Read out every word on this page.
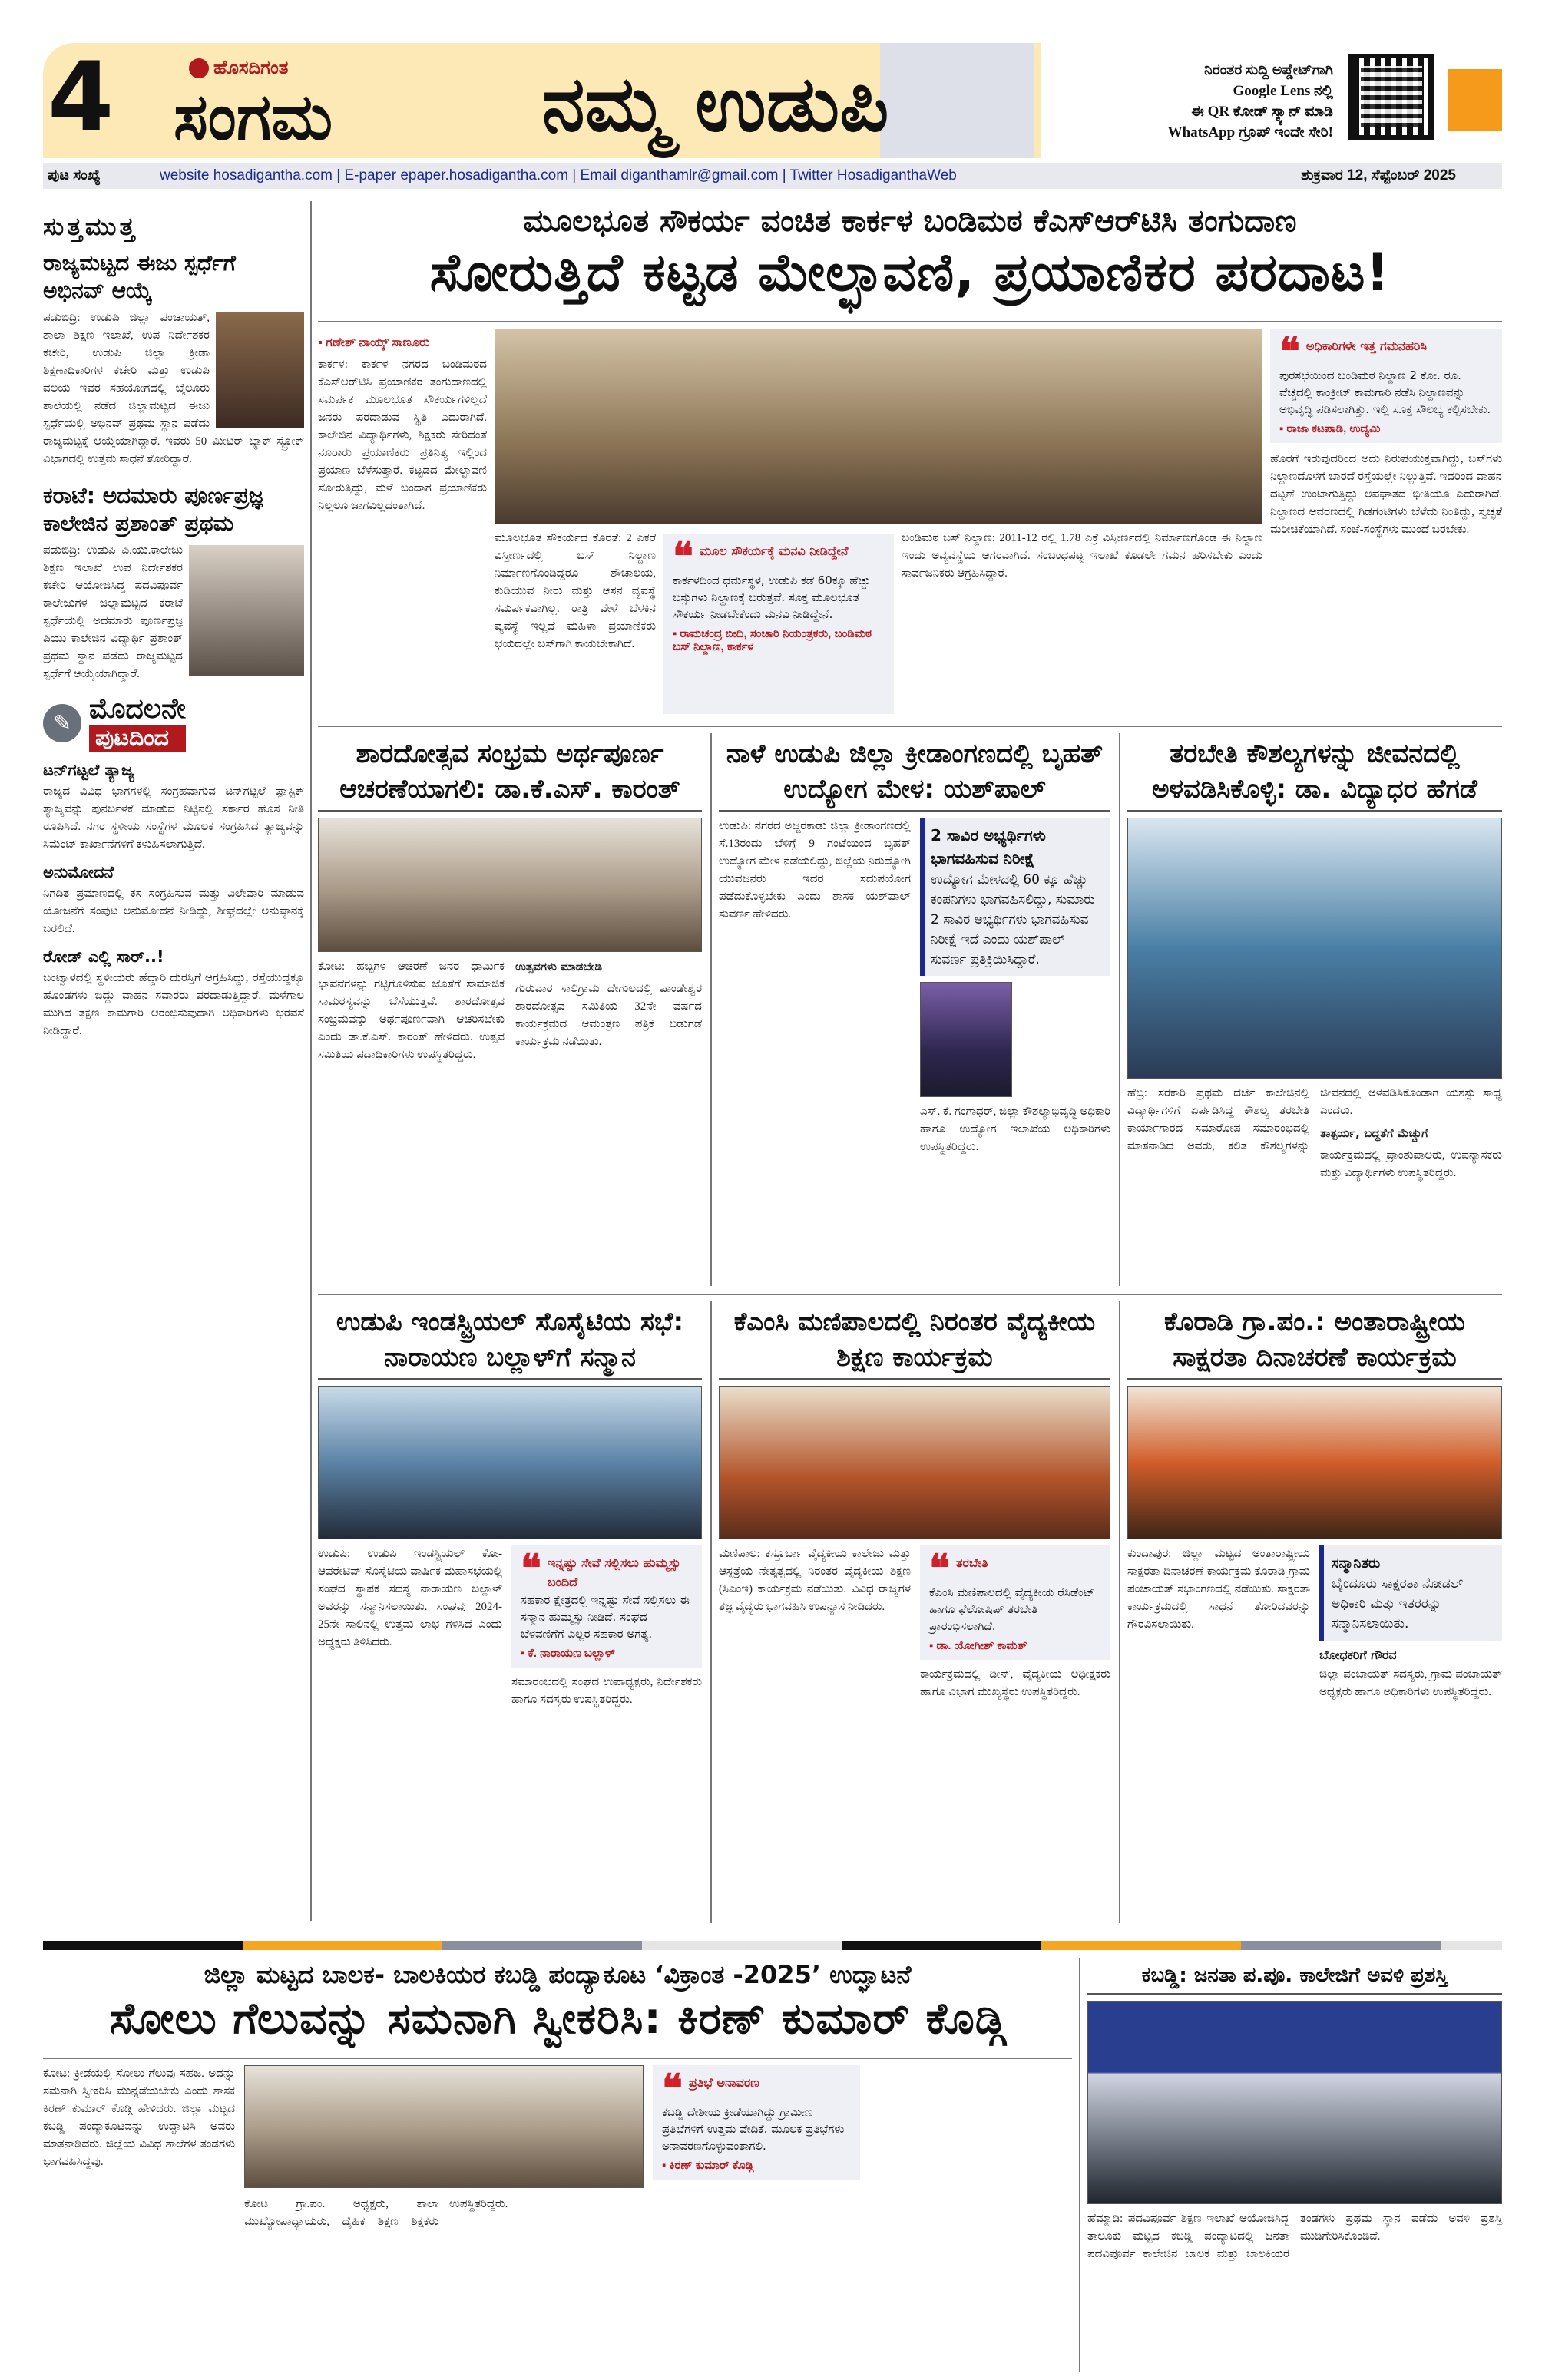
4	ಹೊಸದಿಗಂತ
ಸಂಗಮ	ನಮ್ಮ ಉಡುಪಿ	ನಿರಂತರ ಸುದ್ದಿ ಅಪ್ಡೇಟ್‌ಗಾಗಿ
Google Lens ನಲ್ಲಿ
ಈ QR ಕೋಡ್ ಸ್ಕ್ಯಾನ್ ಮಾಡಿ
WhatsApp ಗ್ರೂಪ್ ಇಂದೇ ಸೇರಿ!
ಪುಟ ಸಂಖ್ಯೆ	website hosadigantha.com | E-paper epaper.hosadigantha.com | Email diganthamlr@gmail.com | Twitter HosadiganthaWeb	ಶುಕ್ರವಾರ 12, ಸೆಪ್ಟೆಂಬರ್ 2025
ಸುತ್ತಮುತ್ತ
ರಾಜ್ಯಮಟ್ಟದ ಈಜು ಸ್ಪರ್ಧೆಗೆ ಅಭಿನವ್ ಆಯ್ಕೆ
ಪಡುಬಿದ್ರಿ: ಉಡುಪಿ ಜಿಲ್ಲಾ ಪಂಚಾಯತ್, ಶಾಲಾ ಶಿಕ್ಷಣ ಇಲಾಖೆ, ಉಪ ನಿರ್ದೇಶಕರ ಕಚೇರಿ, ಉಡುಪಿ ಜಿಲ್ಲಾ ಕ್ರೀಡಾ ಶಿಕ್ಷಣಾಧಿಕಾರಿಗಳ ಕಚೇರಿ ಮತ್ತು ಉಡುಪಿ ವಲಯ ಇವರ ಸಹಯೋಗದಲ್ಲಿ ಬೈಲೂರು ಶಾಲೆಯಲ್ಲಿ ನಡೆದ ಜಿಲ್ಲಾಮಟ್ಟದ ಈಜು ಸ್ಪರ್ಧೆಯಲ್ಲಿ ಅಭಿನವ್ ಪ್ರಥಮ ಸ್ಥಾನ ಪಡೆದು ರಾಜ್ಯಮಟ್ಟಕ್ಕೆ ಆಯ್ಕೆಯಾಗಿದ್ದಾರೆ. ಇವರು 50 ಮೀಟರ್ ಬ್ಯಾಕ್ ಸ್ಟ್ರೋಕ್ ವಿಭಾಗದಲ್ಲಿ ಉತ್ತಮ ಸಾಧನೆ ತೋರಿದ್ದಾರೆ.
ಕರಾಟೆ: ಅದಮಾರು ಪೂರ್ಣಪ್ರಜ್ಞ ಕಾಲೇಜಿನ ಪ್ರಶಾಂತ್ ಪ್ರಥಮ
ಪಡುಬಿದ್ರಿ: ಉಡುಪಿ ಪಿ.ಯು.ಕಾಲೇಜು ಶಿಕ್ಷಣ ಇಲಾಖೆ ಉಪ ನಿರ್ದೇಶಕರ ಕಚೇರಿ ಆಯೋಜಿಸಿದ್ದ ಪದವಿಪೂರ್ವ ಕಾಲೇಜುಗಳ ಜಿಲ್ಲಾಮಟ್ಟದ ಕರಾಟೆ ಸ್ಪರ್ಧೆಯಲ್ಲಿ ಅದಮಾರು ಪೂರ್ಣಪ್ರಜ್ಞ ಪಿಯು ಕಾಲೇಜಿನ ವಿದ್ಯಾರ್ಥಿ ಪ್ರಶಾಂತ್ ಪ್ರಥಮ ಸ್ಥಾನ ಪಡೆದು ರಾಜ್ಯಮಟ್ಟದ ಸ್ಪರ್ಧೆಗೆ ಆಯ್ಕೆಯಾಗಿದ್ದಾರೆ.
✎ ಮೊದಲನೇ
ಪುಟದಿಂದ
ಟನ್‌ಗಟ್ಟಲೆ ತ್ಯಾಜ್ಯ
ರಾಜ್ಯದ ವಿವಿಧ ಭಾಗಗಳಲ್ಲಿ ಸಂಗ್ರಹವಾಗುವ ಟನ್‌ಗಟ್ಟಲೆ ಪ್ಲಾಸ್ಟಿಕ್ ತ್ಯಾಜ್ಯವನ್ನು ಪುನರ್ಬಳಕೆ ಮಾಡುವ ನಿಟ್ಟಿನಲ್ಲಿ ಸರ್ಕಾರ ಹೊಸ ನೀತಿ ರೂಪಿಸಿದೆ. ನಗರ ಸ್ಥಳೀಯ ಸಂಸ್ಥೆಗಳ ಮೂಲಕ ಸಂಗ್ರಹಿಸಿದ ತ್ಯಾಜ್ಯವನ್ನು ಸಿಮೆಂಟ್ ಕಾರ್ಖಾನೆಗಳಿಗೆ ಕಳುಹಿಸಲಾಗುತ್ತಿದೆ.
ಅನುಮೋದನೆ
ನಿಗದಿತ ಪ್ರಮಾಣದಲ್ಲಿ ಕಸ ಸಂಗ್ರಹಿಸುವ ಮತ್ತು ವಿಲೇವಾರಿ ಮಾಡುವ ಯೋಜನೆಗೆ ಸಂಪುಟ ಅನುಮೋದನೆ ನೀಡಿದ್ದು, ಶೀಘ್ರದಲ್ಲೇ ಅನುಷ್ಠಾನಕ್ಕೆ ಬರಲಿದೆ.
ರೋಡ್ ಎಲ್ಲಿ ಸಾರ್..!
ಬಂಟ್ವಾಳದಲ್ಲಿ ಸ್ಥಳೀಯರು ಹೆದ್ದಾರಿ ದುರಸ್ತಿಗೆ ಆಗ್ರಹಿಸಿದ್ದು, ರಸ್ತೆಯುದ್ದಕ್ಕೂ ಹೊಂಡಗಳು ಬಿದ್ದು ವಾಹನ ಸವಾರರು ಪರದಾಡುತ್ತಿದ್ದಾರೆ. ಮಳೆಗಾಲ ಮುಗಿದ ತಕ್ಷಣ ಕಾಮಗಾರಿ ಆರಂಭಿಸುವುದಾಗಿ ಅಧಿಕಾರಿಗಳು ಭರವಸೆ ನೀಡಿದ್ದಾರೆ.
ಮೂಲಭೂತ ಸೌಕರ್ಯ ವಂಚಿತ ಕಾರ್ಕಳ ಬಂಡಿಮಠ ಕೆಎಸ್‌ಆರ್‌ಟಿಸಿ ತಂಗುದಾಣ
ಸೋರುತ್ತಿದೆ ಕಟ್ಟಡ ಮೇಲ್ಛಾವಣಿ, ಪ್ರಯಾಣಿಕರ ಪರದಾಟ!
▪ ಗಣೇಶ್ ನಾಯ್ಕ್ ಸಾಣೂರು
ಕಾರ್ಕಳ: ಕಾರ್ಕಳ ನಗರದ ಬಂಡಿಮಠದ ಕೆಎಸ್‌ಆರ್‌ಟಿಸಿ ಪ್ರಯಾಣಿಕರ ತಂಗುದಾಣದಲ್ಲಿ ಸಮರ್ಪಕ ಮೂಲಭೂತ ಸೌಕರ್ಯಗಳಿಲ್ಲದೆ ಜನರು ಪರದಾಡುವ ಸ್ಥಿತಿ ಎದುರಾಗಿದೆ. ಕಾಲೇಜಿನ ವಿದ್ಯಾರ್ಥಿಗಳು, ಶಿಕ್ಷಕರು ಸೇರಿದಂತೆ ನೂರಾರು ಪ್ರಯಾಣಿಕರು ಪ್ರತಿನಿತ್ಯ ಇಲ್ಲಿಂದ ಪ್ರಯಾಣ ಬೆಳೆಸುತ್ತಾರೆ. ಕಟ್ಟಡದ ಮೇಲ್ಛಾವಣಿ ಸೋರುತ್ತಿದ್ದು, ಮಳೆ ಬಂದಾಗ ಪ್ರಯಾಣಿಕರು ನಿಲ್ಲಲೂ ಜಾಗವಿಲ್ಲದಂತಾಗಿದೆ.
ಮೂಲಭೂತ ಸೌಕರ್ಯದ ಕೊರತೆ: 2 ಎಕರೆ ವಿಸ್ತೀರ್ಣದಲ್ಲಿ ಬಸ್ ನಿಲ್ದಾಣ ನಿರ್ಮಾಣಗೊಂಡಿದ್ದರೂ ಶೌಚಾಲಯ, ಕುಡಿಯುವ ನೀರು ಮತ್ತು ಆಸನ ವ್ಯವಸ್ಥೆ ಸಮರ್ಪಕವಾಗಿಲ್ಲ. ರಾತ್ರಿ ವೇಳೆ ಬೆಳಕಿನ ವ್ಯವಸ್ಥೆ ಇಲ್ಲದೆ ಮಹಿಳಾ ಪ್ರಯಾಣಿಕರು ಭಯದಲ್ಲೇ ಬಸ್‌ಗಾಗಿ ಕಾಯಬೇಕಾಗಿದೆ.
❝ ಮೂಲ ಸೌಕರ್ಯಕ್ಕೆ ಮನವಿ ನೀಡಿದ್ದೇನೆ
ಕಾರ್ಕಳದಿಂದ ಧರ್ಮಸ್ಥಳ, ಉಡುಪಿ ಕಡೆ 60ಕ್ಕೂ ಹೆಚ್ಚು ಬಸ್ಸುಗಳು ನಿಲ್ದಾಣಕ್ಕೆ ಬರುತ್ತವೆ. ಸೂಕ್ತ ಮೂಲಭೂತ ಸೌಕರ್ಯ ನೀಡಬೇಕೆಂದು ಮನವಿ ನೀಡಿದ್ದೇನೆ.
▪ ರಾಮಚಂದ್ರ ಬೀದಿ, ಸಂಚಾರಿ ನಿಯಂತ್ರಕರು, ಬಂಡಿಮಠ ಬಸ್ ನಿಲ್ದಾಣ, ಕಾರ್ಕಳ
ಬಂಡಿಮಠ ಬಸ್ ನಿಲ್ದಾಣ: 2011-12 ರಲ್ಲಿ 1.78 ಎಕ್ರೆ ವಿಸ್ತೀರ್ಣದಲ್ಲಿ ನಿರ್ಮಾಣಗೊಂಡ ಈ ನಿಲ್ದಾಣ ಇಂದು ಅವ್ಯವಸ್ಥೆಯ ಆಗರವಾಗಿದೆ. ಸಂಬಂಧಪಟ್ಟ ಇಲಾಖೆ ಕೂಡಲೇ ಗಮನ ಹರಿಸಬೇಕು ಎಂದು ಸಾರ್ವಜನಿಕರು ಆಗ್ರಹಿಸಿದ್ದಾರೆ.
❝ ಅಧಿಕಾರಿಗಳೇ ಇತ್ತ ಗಮನಹರಿಸಿ
ಪುರಸಭೆಯಿಂದ ಬಂಡಿಮಠ ನಿಲ್ದಾಣ 2 ಕೋ. ರೂ. ವೆಚ್ಚದಲ್ಲಿ ಕಾಂಕ್ರೀಟ್ ಕಾಮಗಾರಿ ನಡೆಸಿ ನಿಲ್ದಾಣವನ್ನು ಅಭಿವೃದ್ಧಿ ಪಡಿಸಲಾಗಿತ್ತು. ಇಲ್ಲಿ ಸೂಕ್ತ ಸೌಲಭ್ಯ ಕಲ್ಪಿಸಬೇಕು.
▪ ರಾಜಾ ಕಟಪಾಡಿ, ಉದ್ಯಮಿ
ಹೊರಗೆ ಇರುವುದರಿಂದ ಅದು ನಿರುಪಯುಕ್ತವಾಗಿದ್ದು, ಬಸ್‌ಗಳು ನಿಲ್ದಾಣದೊಳಗೆ ಬಾರದೆ ರಸ್ತೆಯಲ್ಲೇ ನಿಲ್ಲುತ್ತಿವೆ. ಇದರಿಂದ ವಾಹನ ದಟ್ಟಣೆ ಉಂಟಾಗುತ್ತಿದ್ದು ಅಪಘಾತದ ಭೀತಿಯೂ ಎದುರಾಗಿದೆ. ನಿಲ್ದಾಣದ ಆವರಣದಲ್ಲಿ ಗಿಡಗಂಟಿಗಳು ಬೆಳೆದು ನಿಂತಿದ್ದು, ಸ್ವಚ್ಛತೆ ಮರೀಚಿಕೆಯಾಗಿದೆ. ಸಂಜೆ-ಸಂಸ್ಥೆಗಳು ಮುಂದೆ ಬರಬೇಕು.
ಶಾರದೋತ್ಸವ ಸಂಭ್ರಮ ಅರ್ಥಪೂರ್ಣ ಆಚರಣೆಯಾಗಲಿ: ಡಾ.ಕೆ.ಎಸ್. ಕಾರಂತ್
ಕೋಟ: ಹಬ್ಬಗಳ ಆಚರಣೆ ಜನರ ಧಾರ್ಮಿಕ ಭಾವನೆಗಳನ್ನು ಗಟ್ಟಿಗೊಳಿಸುವ ಜೊತೆಗೆ ಸಾಮಾಜಿಕ ಸಾಮರಸ್ಯವನ್ನು ಬೆಸೆಯುತ್ತವೆ. ಶಾರದೋತ್ಸವ ಸಂಭ್ರಮವನ್ನು ಅರ್ಥಪೂರ್ಣವಾಗಿ ಆಚರಿಸಬೇಕು ಎಂದು ಡಾ.ಕೆ.ಎಸ್. ಕಾರಂತ್ ಹೇಳಿದರು. ಉತ್ಸವ ಸಮಿತಿಯ ಪದಾಧಿಕಾರಿಗಳು ಉಪಸ್ಥಿತರಿದ್ದರು.
ಉತ್ಸವಗಳು ಮಾಡಬೇಡಿ
ಗುರುವಾರ ಸಾಲಿಗ್ರಾಮ ದೇಗುಲದಲ್ಲಿ ಪಾಂಡೇಶ್ವರ ಶಾರದೋತ್ಸವ ಸಮಿತಿಯ 32ನೇ ವರ್ಷದ ಕಾರ್ಯಕ್ರಮದ ಆಮಂತ್ರಣ ಪತ್ರಿಕೆ ಬಿಡುಗಡೆ ಕಾರ್ಯಕ್ರಮ ನಡೆಯಿತು.
ನಾಳೆ ಉಡುಪಿ ಜಿಲ್ಲಾ ಕ್ರೀಡಾಂಗಣದಲ್ಲಿ ಬೃಹತ್ ಉದ್ಯೋಗ ಮೇಳ: ಯಶ್‌ಪಾಲ್
ಉಡುಪಿ: ನಗರದ ಅಜ್ಜರಕಾಡು ಜಿಲ್ಲಾ ಕ್ರೀಡಾಂಗಣದಲ್ಲಿ ಸೆ.13ರಂದು ಬೆಳಿಗ್ಗೆ 9 ಗಂಟೆಯಿಂದ ಬೃಹತ್ ಉದ್ಯೋಗ ಮೇಳ ನಡೆಯಲಿದ್ದು, ಜಿಲ್ಲೆಯ ನಿರುದ್ಯೋಗಿ ಯುವಜನರು ಇದರ ಸದುಪಯೋಗ ಪಡೆದುಕೊಳ್ಳಬೇಕು ಎಂದು ಶಾಸಕ ಯಶ್‌ಪಾಲ್ ಸುವರ್ಣ ಹೇಳಿದರು.
2 ಸಾವಿರ ಅಭ್ಯರ್ಥಿಗಳು ಭಾಗವಹಿಸುವ ನಿರೀಕ್ಷೆ
ಉದ್ಯೋಗ ಮೇಳದಲ್ಲಿ 60 ಕ್ಕೂ ಹೆಚ್ಚು ಕಂಪನಿಗಳು ಭಾಗವಹಿಸಲಿದ್ದು, ಸುಮಾರು 2 ಸಾವಿರ ಅಭ್ಯರ್ಥಿಗಳು ಭಾಗವಹಿಸುವ ನಿರೀಕ್ಷೆ ಇದೆ ಎಂದು ಯಶ್‌ಪಾಲ್ ಸುವರ್ಣ ಪ್ರತಿಕ್ರಿಯಿಸಿದ್ದಾರೆ.
ಎಸ್. ಕೆ. ಗಂಗಾಧರ್, ಜಿಲ್ಲಾ ಕೌಶಲ್ಯಾಭಿವೃದ್ಧಿ ಅಧಿಕಾರಿ ಹಾಗೂ ಉದ್ಯೋಗ ಇಲಾಖೆಯ ಅಧಿಕಾರಿಗಳು ಉಪಸ್ಥಿತರಿದ್ದರು.
ತರಬೇತಿ ಕೌಶಲ್ಯಗಳನ್ನು ಜೀವನದಲ್ಲಿ ಅಳವಡಿಸಿಕೊಳ್ಳಿ: ಡಾ. ವಿದ್ಯಾಧರ ಹೆಗಡೆ
ಹೆಬ್ರಿ: ಸರಕಾರಿ ಪ್ರಥಮ ದರ್ಜೆ ಕಾಲೇಜಿನಲ್ಲಿ ವಿದ್ಯಾರ್ಥಿಗಳಿಗೆ ಏರ್ಪಡಿಸಿದ್ದ ಕೌಶಲ್ಯ ತರಬೇತಿ ಕಾರ್ಯಾಗಾರದ ಸಮಾರೋಪ ಸಮಾರಂಭದಲ್ಲಿ ಮಾತನಾಡಿದ ಅವರು, ಕಲಿತ ಕೌಶಲ್ಯಗಳನ್ನು ಜೀವನದಲ್ಲಿ ಅಳವಡಿಸಿಕೊಂಡಾಗ ಯಶಸ್ಸು ಸಾಧ್ಯ ಎಂದರು.
ತಾತ್ಪರ್ಯ, ಬದ್ಧತೆಗೆ ಮೆಚ್ಚುಗೆ
ಕಾರ್ಯಕ್ರಮದಲ್ಲಿ ಪ್ರಾಂಶುಪಾಲರು, ಉಪನ್ಯಾಸಕರು ಮತ್ತು ವಿದ್ಯಾರ್ಥಿಗಳು ಉಪಸ್ಥಿತರಿದ್ದರು.
ಉಡುಪಿ ಇಂಡಸ್ಟ್ರಿಯಲ್ ಸೊಸೈಟಿಯ ಸಭೆ: ನಾರಾಯಣ ಬಲ್ಲಾಳ್‌ಗೆ ಸನ್ಮಾನ
ಉಡುಪಿ: ಉಡುಪಿ ಇಂಡಸ್ಟ್ರಿಯಲ್ ಕೋ-ಆಪರೇಟಿವ್ ಸೊಸೈಟಿಯ ವಾರ್ಷಿಕ ಮಹಾಸಭೆಯಲ್ಲಿ ಸಂಘದ ಸ್ಥಾಪಕ ಸದಸ್ಯ ನಾರಾಯಣ ಬಲ್ಲಾಳ್ ಅವರನ್ನು ಸನ್ಮಾನಿಸಲಾಯಿತು. ಸಂಘವು 2024-25ನೇ ಸಾಲಿನಲ್ಲಿ ಉತ್ತಮ ಲಾಭ ಗಳಿಸಿದೆ ಎಂದು ಅಧ್ಯಕ್ಷರು ತಿಳಿಸಿದರು.
❝ ಇನ್ನಷ್ಟು ಸೇವೆ ಸಲ್ಲಿಸಲು ಹುಮ್ಮಸ್ಸು ಬಂದಿದೆ
ಸಹಕಾರ ಕ್ಷೇತ್ರದಲ್ಲಿ ಇನ್ನಷ್ಟು ಸೇವೆ ಸಲ್ಲಿಸಲು ಈ ಸನ್ಮಾನ ಹುಮ್ಮಸ್ಸು ನೀಡಿದೆ. ಸಂಘದ ಬೆಳವಣಿಗೆಗೆ ಎಲ್ಲರ ಸಹಕಾರ ಅಗತ್ಯ.
▪ ಕೆ. ನಾರಾಯಣ ಬಲ್ಲಾಳ್
ಸಮಾರಂಭದಲ್ಲಿ ಸಂಘದ ಉಪಾಧ್ಯಕ್ಷರು, ನಿರ್ದೇಶಕರು ಹಾಗೂ ಸದಸ್ಯರು ಉಪಸ್ಥಿತರಿದ್ದರು.
ಕೆಎಂಸಿ ಮಣಿಪಾಲದಲ್ಲಿ ನಿರಂತರ ವೈದ್ಯಕೀಯ ಶಿಕ್ಷಣ ಕಾರ್ಯಕ್ರಮ
ಮಣಿಪಾಲ: ಕಸ್ತೂರ್ಬಾ ವೈದ್ಯಕೀಯ ಕಾಲೇಜು ಮತ್ತು ಆಸ್ಪತ್ರೆಯ ನೇತೃತ್ವದಲ್ಲಿ ನಿರಂತರ ವೈದ್ಯಕೀಯ ಶಿಕ್ಷಣ (ಸಿಎಂಇ) ಕಾರ್ಯಕ್ರಮ ನಡೆಯಿತು. ವಿವಿಧ ರಾಜ್ಯಗಳ ತಜ್ಞ ವೈದ್ಯರು ಭಾಗವಹಿಸಿ ಉಪನ್ಯಾಸ ನೀಡಿದರು.
❝ ತರಬೇತಿ
ಕೆಎಂಸಿ ಮಣಿಪಾಲದಲ್ಲಿ ವೈದ್ಯಕೀಯ ರೆಸಿಡೆಂಟ್ ಹಾಗೂ ಫೆಲೋಷಿಪ್ ತರಬೇತಿ ಪ್ರಾರಂಭಿಸಲಾಗಿದೆ.
▪ ಡಾ. ಯೋಗೀಶ್ ಕಾಮತ್
ಕಾರ್ಯಕ್ರಮದಲ್ಲಿ ಡೀನ್, ವೈದ್ಯಕೀಯ ಅಧೀಕ್ಷಕರು ಹಾಗೂ ವಿಭಾಗ ಮುಖ್ಯಸ್ಥರು ಉಪಸ್ಥಿತರಿದ್ದರು.
ಕೊರಾಡಿ ಗ್ರಾ.ಪಂ.: ಅಂತಾರಾಷ್ಟ್ರೀಯ ಸಾಕ್ಷರತಾ ದಿನಾಚರಣೆ ಕಾರ್ಯಕ್ರಮ
ಕುಂದಾಪುರ: ಜಿಲ್ಲಾ ಮಟ್ಟದ ಅಂತಾರಾಷ್ಟ್ರೀಯ ಸಾಕ್ಷರತಾ ದಿನಾಚರಣೆ ಕಾರ್ಯಕ್ರಮ ಕೊರಾಡಿ ಗ್ರಾಮ ಪಂಚಾಯತ್ ಸಭಾಂಗಣದಲ್ಲಿ ನಡೆಯಿತು. ಸಾಕ್ಷರತಾ ಕಾರ್ಯಕ್ರಮದಲ್ಲಿ ಸಾಧನೆ ತೋರಿದವರನ್ನು ಗೌರವಿಸಲಾಯಿತು.
ಸನ್ಮಾನಿತರು
ಬೈಂದೂರು ಸಾಕ್ಷರತಾ ನೋಡಲ್ ಅಧಿಕಾರಿ ಮತ್ತು ಇತರರನ್ನು ಸನ್ಮಾನಿಸಲಾಯಿತು.
ಬೋಧಕರಿಗೆ ಗೌರವ
ಜಿಲ್ಲಾ ಪಂಚಾಯತ್ ಸದಸ್ಯರು, ಗ್ರಾಮ ಪಂಚಾಯತ್ ಅಧ್ಯಕ್ಷರು ಹಾಗೂ ಅಧಿಕಾರಿಗಳು ಉಪಸ್ಥಿತರಿದ್ದರು.
ಜಿಲ್ಲಾ ಮಟ್ಟದ ಬಾಲಕ- ಬಾಲಕಿಯರ ಕಬಡ್ಡಿ ಪಂದ್ಯಾಕೂಟ ‘ವಿಕ್ರಾಂತ -2025’ ಉದ್ಘಾಟನೆ
ಸೋಲು ಗೆಲುವನ್ನು ಸಮನಾಗಿ ಸ್ವೀಕರಿಸಿ: ಕಿರಣ್ ಕುಮಾರ್ ಕೊಡ್ಗಿ
ಕೋಟ: ಕ್ರೀಡೆಯಲ್ಲಿ ಸೋಲು ಗೆಲುವು ಸಹಜ. ಅದನ್ನು ಸಮನಾಗಿ ಸ್ವೀಕರಿಸಿ ಮುನ್ನಡೆಯಬೇಕು ಎಂದು ಶಾಸಕ ಕಿರಣ್ ಕುಮಾರ್ ಕೊಡ್ಗಿ ಹೇಳಿದರು. ಜಿಲ್ಲಾ ಮಟ್ಟದ ಕಬಡ್ಡಿ ಪಂದ್ಯಾಕೂಟವನ್ನು ಉದ್ಘಾಟಿಸಿ ಅವರು ಮಾತನಾಡಿದರು. ಜಿಲ್ಲೆಯ ವಿವಿಧ ಶಾಲೆಗಳ ತಂಡಗಳು ಭಾಗವಹಿಸಿದ್ದವು.
ಕೋಟ ಗ್ರಾ.ಪಂ. ಅಧ್ಯಕ್ಷರು, ಶಾಲಾ ಮುಖ್ಯೋಪಾಧ್ಯಾಯರು, ದೈಹಿಕ ಶಿಕ್ಷಣ ಶಿಕ್ಷಕರು ಉಪಸ್ಥಿತರಿದ್ದರು.
❝ ಪ್ರತಿಭೆ ಅನಾವರಣ
ಕಬಡ್ಡಿ ದೇಶೀಯ ಕ್ರೀಡೆಯಾಗಿದ್ದು ಗ್ರಾಮೀಣ ಪ್ರತಿಭೆಗಳಿಗೆ ಉತ್ತಮ ವೇದಿಕೆ. ಮೂಲಕ ಪ್ರತಿಭೆಗಳು ಅನಾವರಣಗೊಳ್ಳುವಂತಾಗಲಿ.
▪ ಕಿರಣ್ ಕುಮಾರ್ ಕೊಡ್ಗಿ
ಕಬಡ್ಡಿ: ಜನತಾ ಪ.ಪೂ. ಕಾಲೇಜಿಗೆ ಅವಳಿ ಪ್ರಶಸ್ತಿ
ಹೆಮ್ಮಾಡಿ: ಪದವಿಪೂರ್ವ ಶಿಕ್ಷಣ ಇಲಾಖೆ ಆಯೋಜಿಸಿದ್ದ ತಾಲೂಕು ಮಟ್ಟದ ಕಬಡ್ಡಿ ಪಂದ್ಯಾಟದಲ್ಲಿ ಜನತಾ ಪದವಿಪೂರ್ವ ಕಾಲೇಜಿನ ಬಾಲಕ ಮತ್ತು ಬಾಲಕಿಯರ ತಂಡಗಳು ಪ್ರಥಮ ಸ್ಥಾನ ಪಡೆದು ಅವಳಿ ಪ್ರಶಸ್ತಿ ಮುಡಿಗೇರಿಸಿಕೊಂಡಿವೆ.
